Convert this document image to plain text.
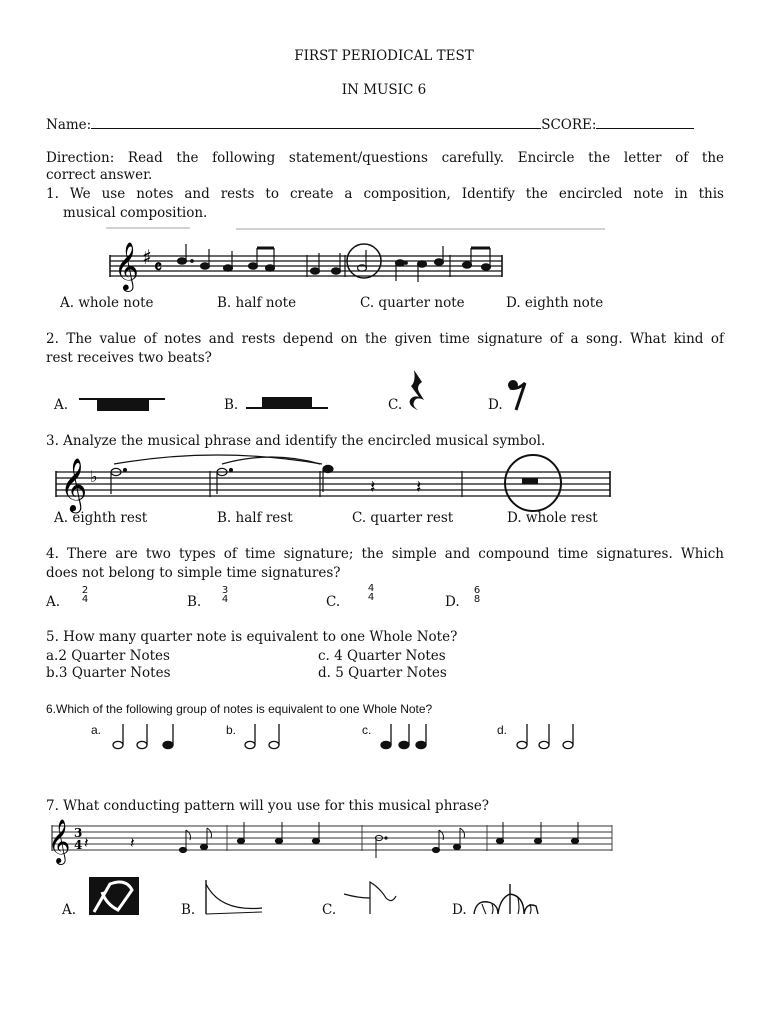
FIRST PERIODICAL TEST
IN MUSIC 6
Name:	SCORE:
Direction: Read the following statement/questions carefully. Encircle the letter of the
correct answer.
1. We use notes and rests to create a composition, Identify the encircled note in this
musical composition.
𝄞 ♯ 𝄴
A. whole note	B. half note	C. quarter note	D. eighth note
2. The value of notes and rests depend on the given time signature of a song. What kind of
rest receives two beats?
A.	B.	C.	D.
3. Analyze the musical phrase and identify the encircled musical symbol.
𝄞 ♭
𝄽 𝄽
A. eighth rest	B. half rest	C. quarter rest	D. whole rest
4. There are two types of time signature; the simple and compound time signatures. Which
does not belong to simple time signatures?
A.
2
4	B.
3
4	C.
4
4	D.
6
8
5. How many quarter note is equivalent to one Whole Note?
a.2 Quarter Notes	c. 4 Quarter Notes
b.3 Quarter Notes	d. 5 Quarter Notes
6.Which of the following group of notes is equivalent to one Whole Note?
a.	b.	c.	d.
7. What conducting pattern will you use for this musical phrase?
𝄞 3
4 𝄽	𝄽
A.	B.	C.	D.
